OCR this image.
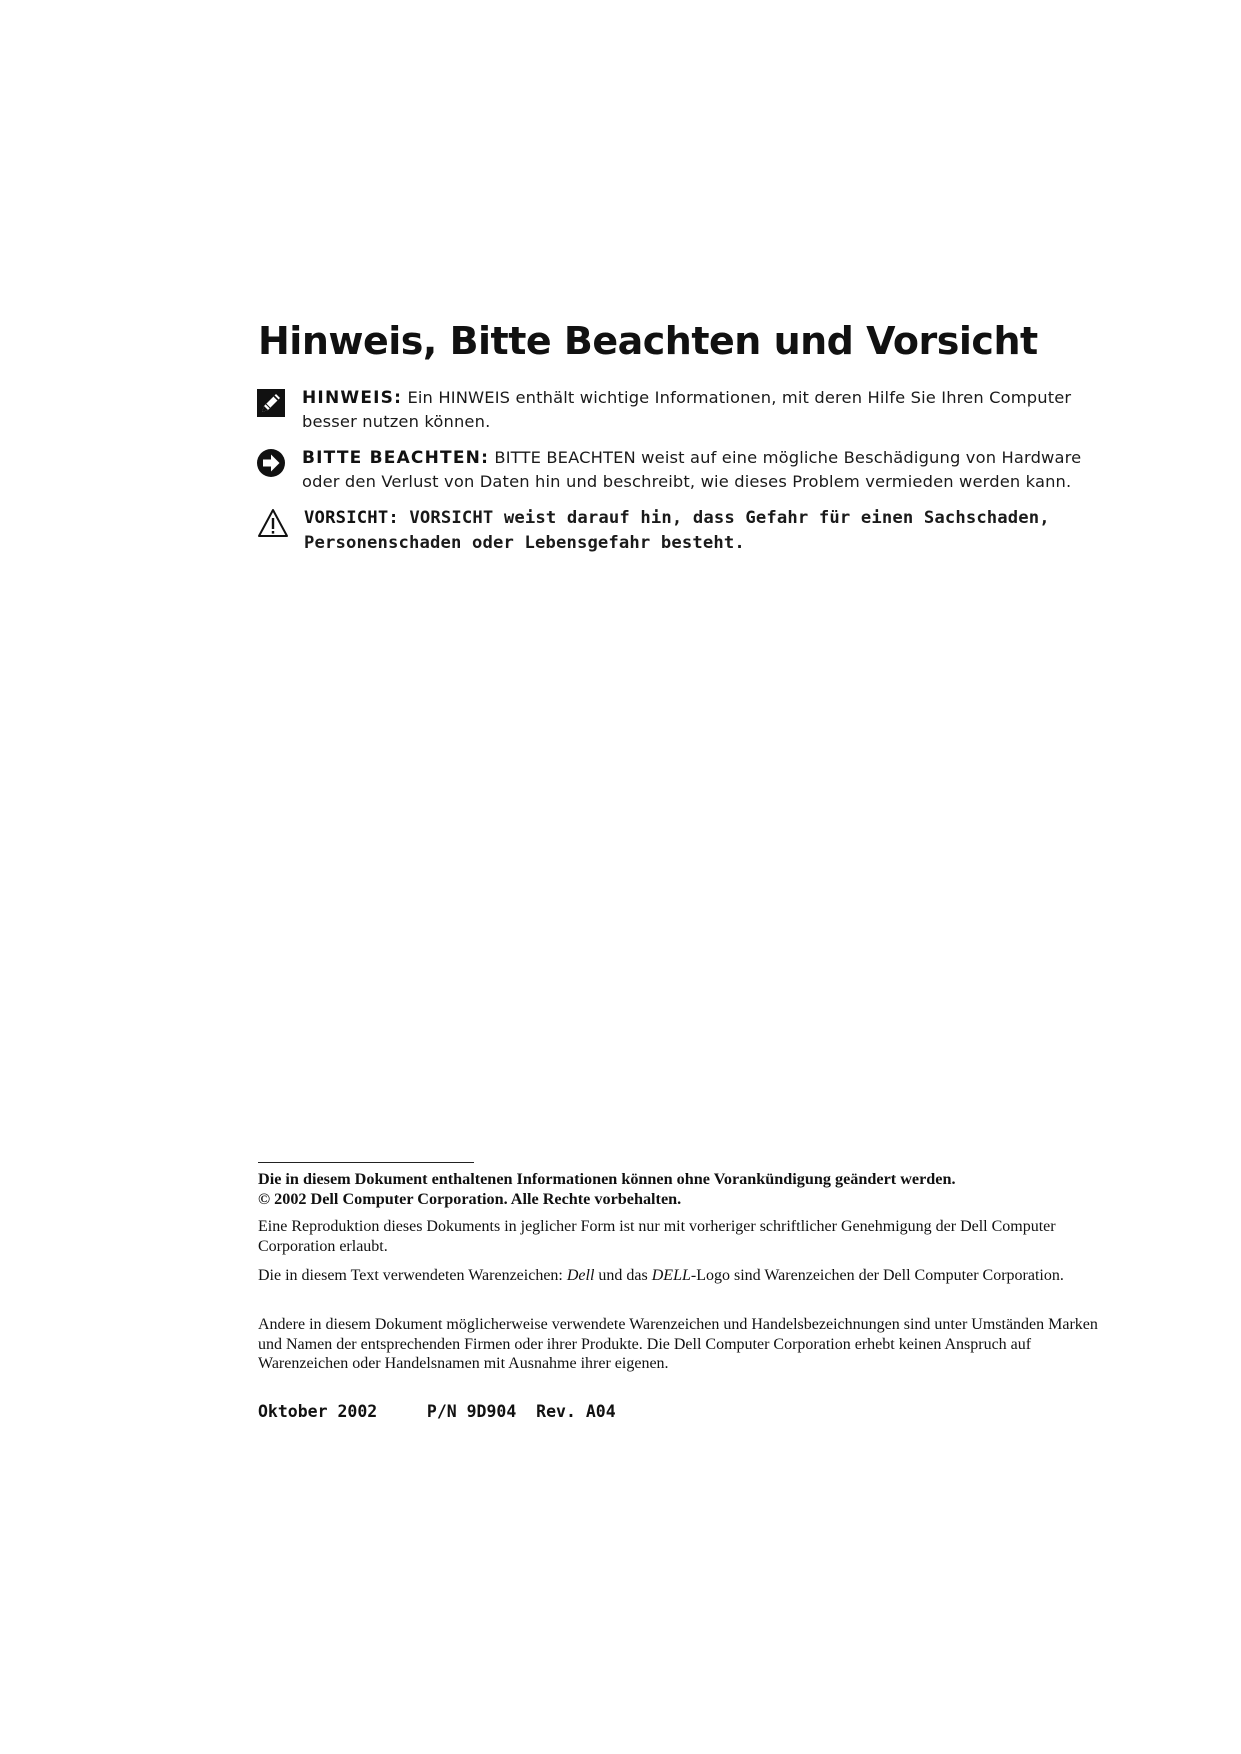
Hinweis, Bitte Beachten und Vorsicht
HINWEIS: Ein HINWEIS enthält wichtige Informationen, mit deren Hilfe Sie Ihren Computer besser nutzen können.
BITTE BEACHTEN: BITTE BEACHTEN weist auf eine mögliche Beschädigung von Hardware oder den Verlust von Daten hin und beschreibt, wie dieses Problem vermieden werden kann.
VORSICHT: VORSICHT weist darauf hin, dass Gefahr für einen Sachschaden, Personenschaden oder Lebensgefahr besteht.

Die in diesem Dokument enthaltenen Informationen können ohne Vorankündigung geändert werden.

© 2002 Dell Computer Corporation. Alle Rechte vorbehalten.

Eine Reproduktion dieses Dokuments in jeglicher Form ist nur mit vorheriger schriftlicher Genehmigung der Dell Computer Corporation erlaubt.

Die in diesem Text verwendeten Warenzeichen: Dell und das DELL-Logo sind Warenzeichen der Dell Computer Corporation.

Andere in diesem Dokument möglicherweise verwendete Warenzeichen und Handelsbezeichnungen sind unter Umständen Marken und Namen der entsprechenden Firmen oder ihrer Produkte. Die Dell Computer Corporation erhebt keinen Anspruch auf Warenzeichen oder Handelsnamen mit Ausnahme ihrer eigenen.

Oktober 2002	P/N 9D904 Rev. A04
